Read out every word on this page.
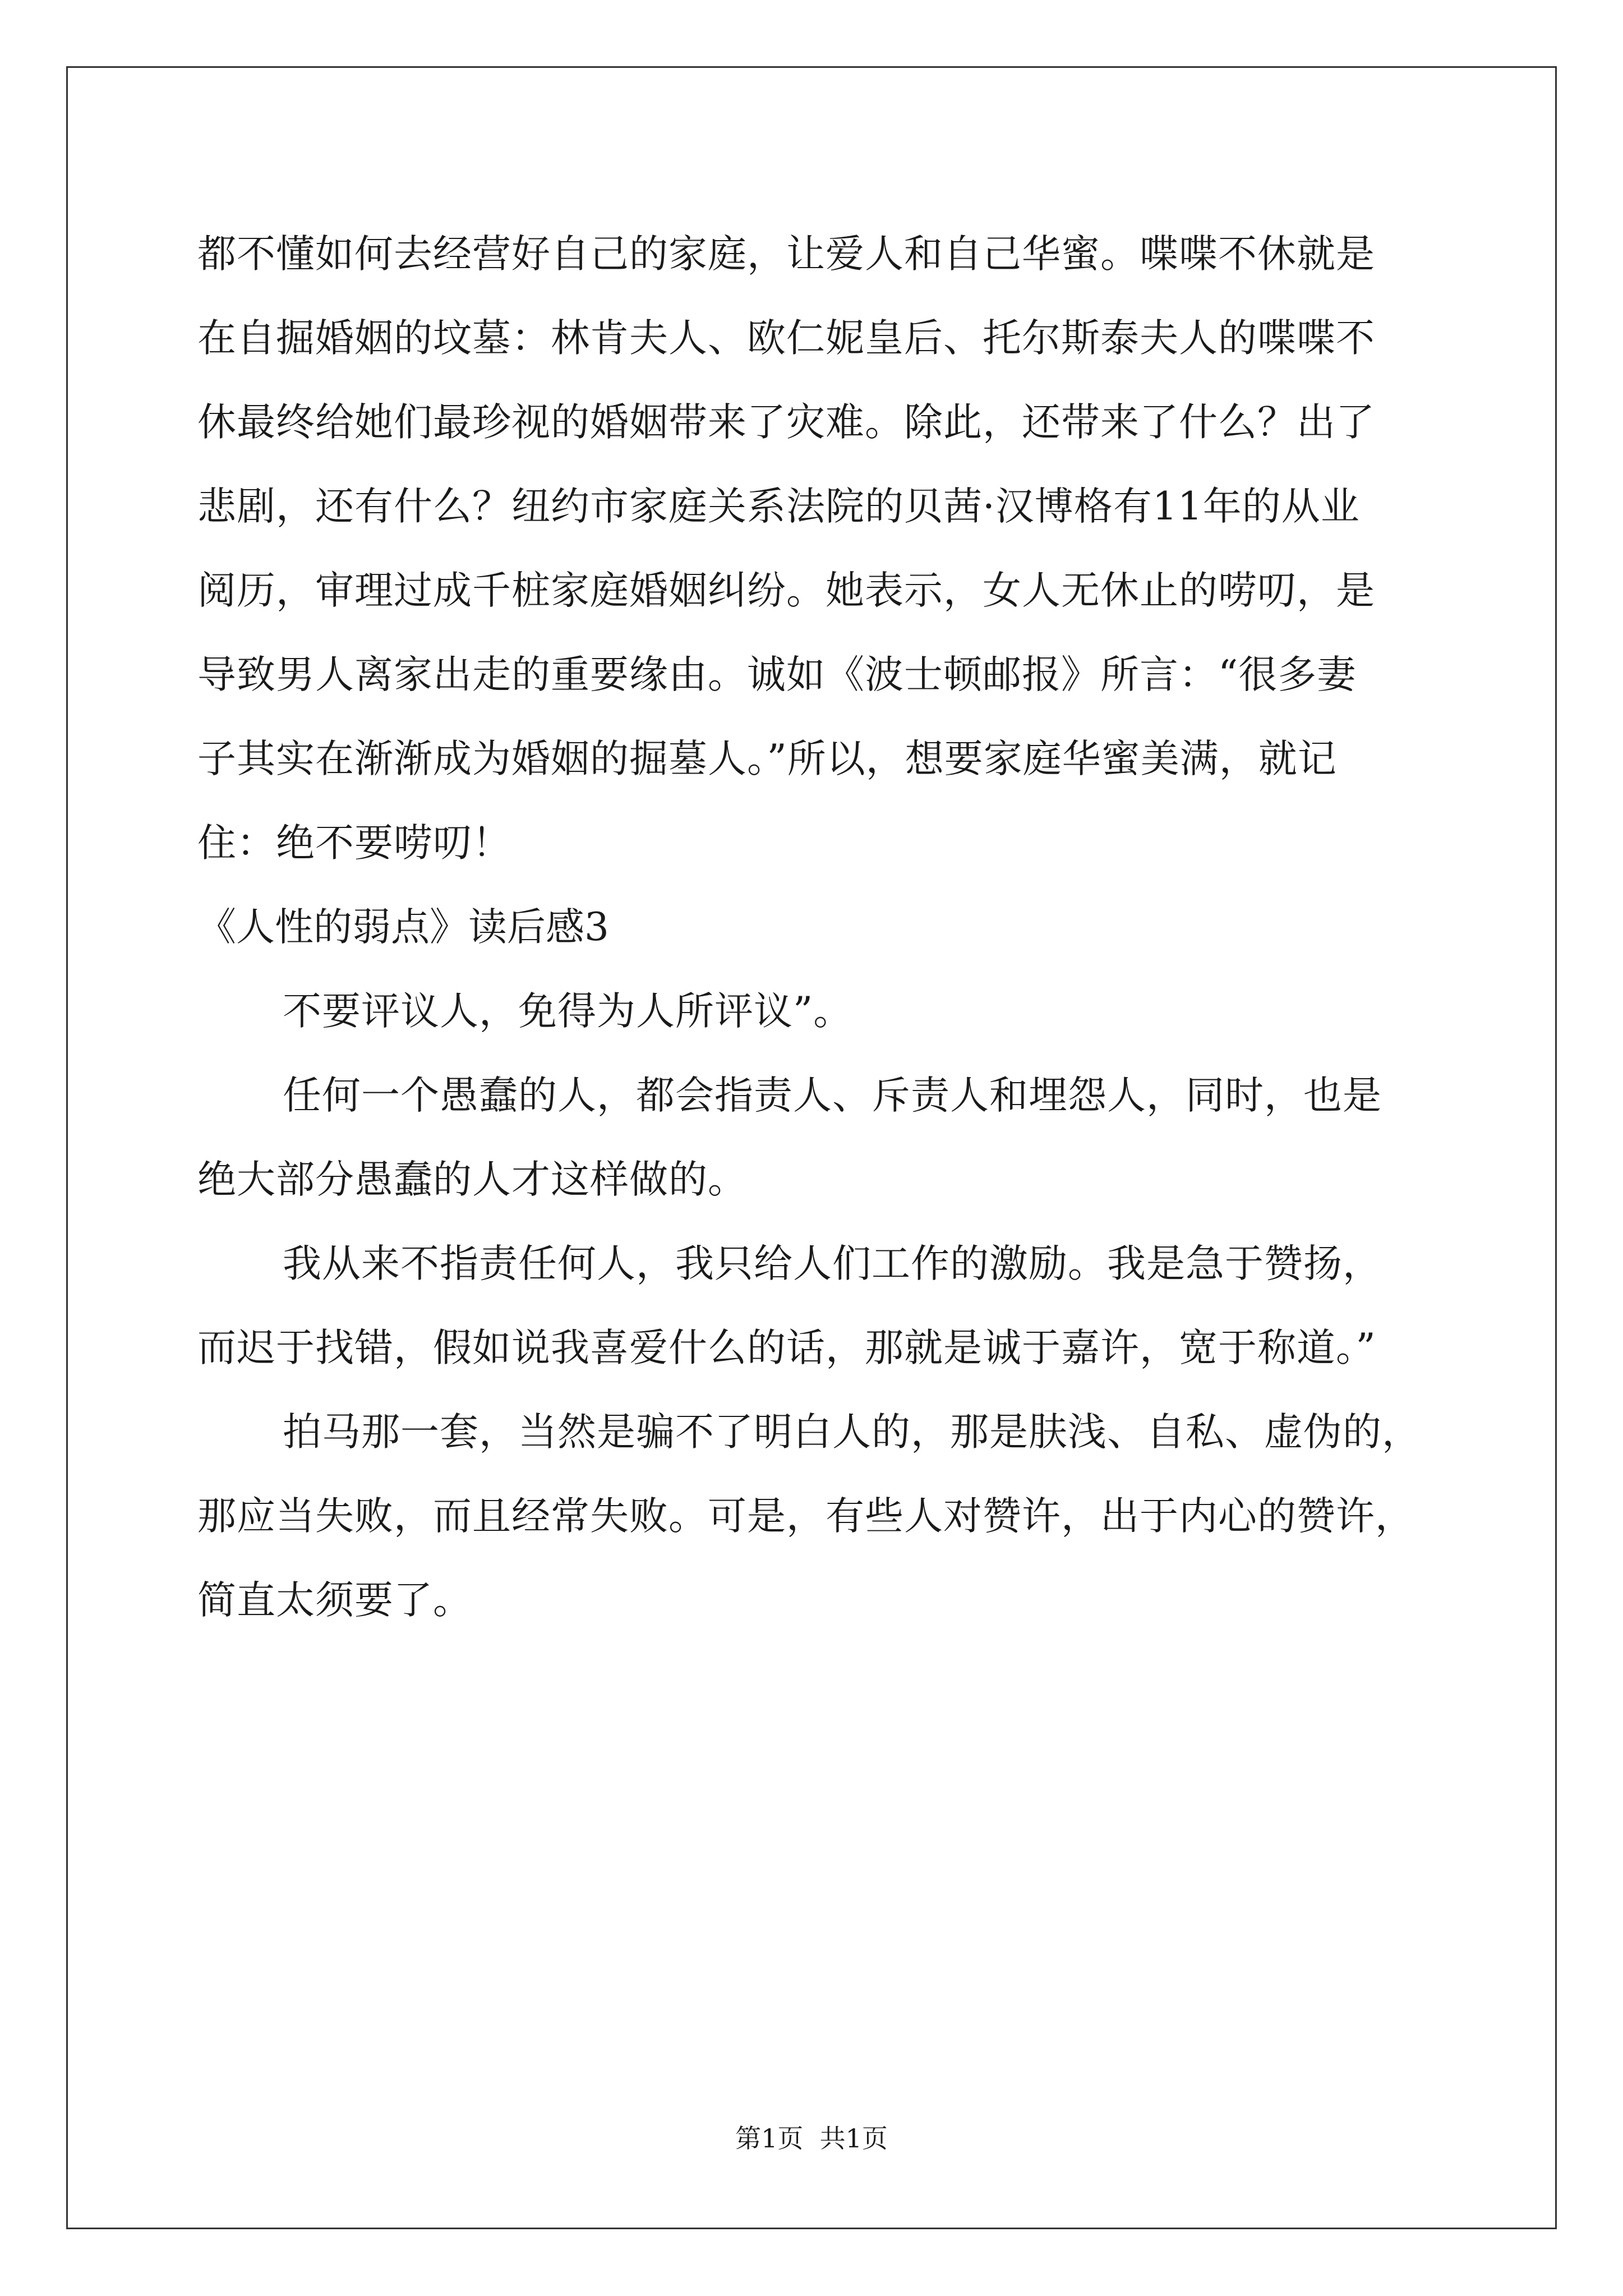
都不懂如何去经营好自己的家庭，让爱人和自己华蜜。喋喋不休就是
在自掘婚姻的坟墓：林肯夫人、欧仁妮皇后、托尔斯泰夫人的喋喋不
休最终给她们最珍视的婚姻带来了灾难。除此，还带来了什么？出了
悲剧，还有什么？纽约市家庭关系法院的贝茜·汉博格有11年的从业
阅历，审理过成千桩家庭婚姻纠纷。她表示，女人无休止的唠叨，是
导致男人离家出走的重要缘由。诚如《波士顿邮报》所言：“很多妻
子其实在渐渐成为婚姻的掘墓人。”所以，想要家庭华蜜美满，就记
住：绝不要唠叨！
《人性的弱点》读后感3
不要评议人，免得为人所评议”。
任何一个愚蠢的人，都会指责人、斥责人和埋怨人，同时，也是
绝大部分愚蠢的人才这样做的。
我从来不指责任何人，我只给人们工作的激励。我是急于赞扬，
而迟于找错，假如说我喜爱什么的话，那就是诚于嘉许，宽于称道。”
拍马那一套，当然是骗不了明白人的，那是肤浅、自私、虚伪的，
那应当失败，而且经常失败。可是，有些人对赞许，出于内心的赞许，
简直太须要了。
第1页  共1页
